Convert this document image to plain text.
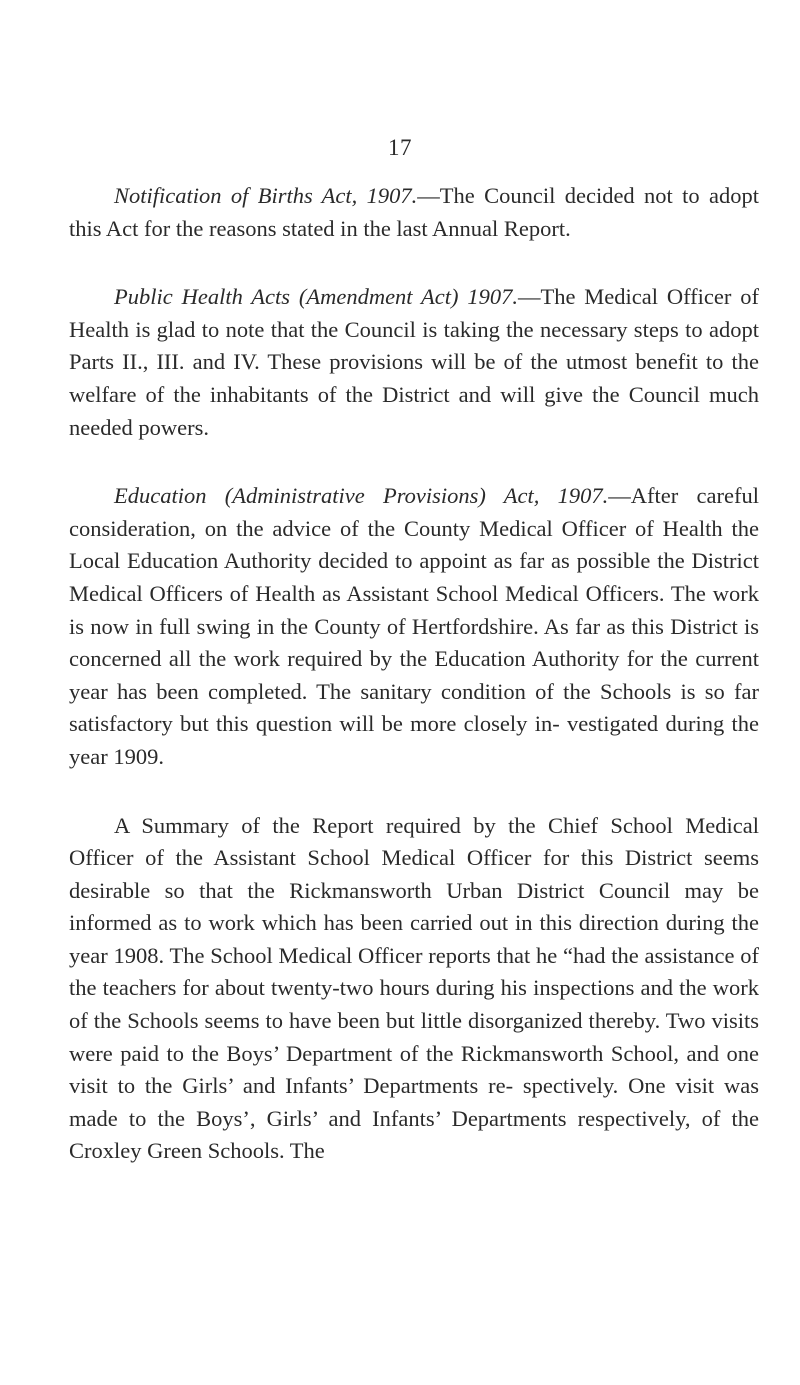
17

Notification of Births Act, 1907.—The Council decided not to adopt this Act for the reasons stated in the last Annual Report.

Public Health Acts (Amendment Act) 1907.—The Medical Officer of Health is glad to note that the Council is taking the necessary steps to adopt Parts II., III. and IV. These provisions will be of the utmost benefit to the welfare of the inhabitants of the District and will give the Council much needed powers.

Education (Administrative Provisions) Act, 1907.—After careful consideration, on the advice of the County Medical Officer of Health the Local Education Authority decided to appoint as far as possible the District Medical Officers of Health as Assistant School Medical Officers. The work is now in full swing in the County of Hertfordshire. As far as this District is concerned all the work required by the Education Authority for the current year has been completed. The sanitary condition of the Schools is so far satisfactory but this question will be more closely in- vestigated during the year 1909.

A Summary of the Report required by the Chief School Medical Officer of the Assistant School Medical Officer for this District seems desirable so that the Rickmansworth Urban District Council may be informed as to work which has been carried out in this direction during the year 1908. The School Medical Officer reports that he “had the assistance of the teachers for about twenty-two hours during his inspections and the work of the Schools seems to have been but little disorganized thereby. Two visits were paid to the Boys’ Department of the Rickmansworth School, and one visit to the Girls’ and Infants’ Departments re- spectively. One visit was made to the Boys’, Girls’ and Infants’ Departments respectively, of the Croxley Green Schools. The
